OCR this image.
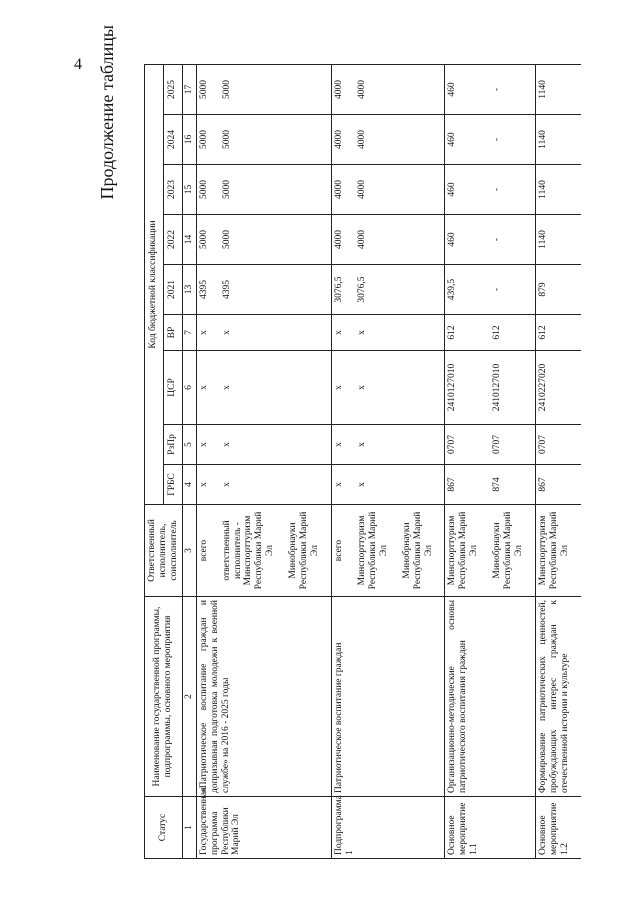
4 Продолжение таблицы
Статус	Наименование государственной программы, подпрограммы, основного мероприятия	Ответственный исполнитель, соисполнитель	Код бюджетной классификации								
			ГРБС	РзПр	ЦСР	ВР	2021	2022	2023	2024	2025
1	2	3	4	5	6	7	13	14	15	16	17
Государственная программа Республики Марий Эл	«Патриотическое воспитание граждан и допризывная подготовка молодежи к военной службе» на 2016 - 2025 годы	всего	х	х	х	х	4395	5000	5000	5000	5000
		ответственный исполнитель - Минспорттуризм Республики Марий Эл	х	х	х	х	4395	5000	5000	5000	5000
		Минобрнауки Республики Марий Эл									
Подпрограмма 1	Патриотическое воспитание граждан	всего	х	х	х	х	3076,5	4000	4000	4000	4000
		Минспорттуризм Республики Марий Эл	х	х	х	х	3076,5	4000	4000	4000	4000
		Минобрнауки Республики Марий Эл									
Основное мероприятие 1.1	Организационно-методические основы патриотического воспитания граждан	Минспорттуризм Республики Марий Эл	867	0707	2410127010	612	439,5	460	460	460	460
		Минобрнауки Республики Марий Эл	874	0707	2410127010	612	-	-	-	-	-
Основное мероприятие 1.2	Формирование патриотических ценностей, пробуждающих интерес граждан к отечественной истории и культуре	Минспорттуризм Республики Марий Эл	867	0707	2410227020	612	879	1140	1140	1140	1140
